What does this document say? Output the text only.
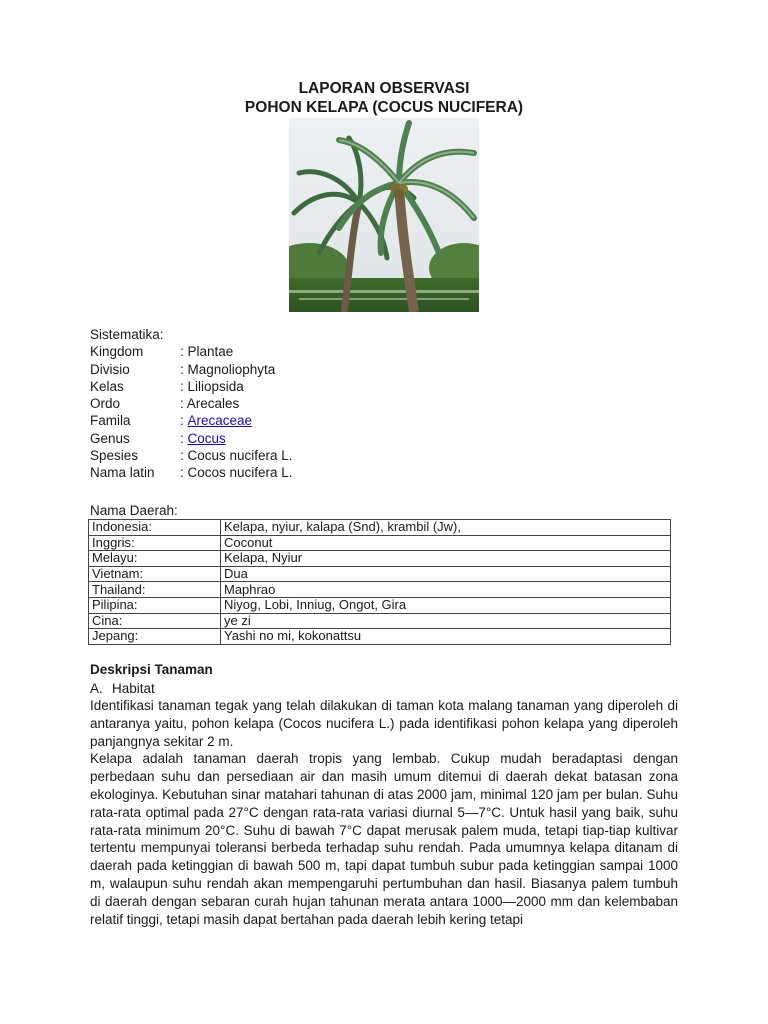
LAPORAN OBSERVASI
POHON KELAPA (COCUS NUCIFERA)
Sistematika:
Kingdom	: Plantae
Divisio	: Magnoliophyta
Kelas	: Liliopsida
Ordo	: Arecales
Famila	: Arecaceae
Genus	: Cocus
Spesies	: Cocus nucifera L.
Nama latin	: Cocos nucifera L.
Nama Daerah:
Indonesia:	Kelapa, nyiur, kalapa (Snd), krambil (Jw),
Inggris:	Coconut
Melayu:	Kelapa, Nyiur
Vietnam:	Dua
Thailand:	Maphrao
Pilipina:	Niyog, Lobi, Inniug, Ongot, Gira
Cina:	ye zi
Jepang:	Yashi no mi, kokonattsu
Deskripsi Tanaman
A. Habitat

Identifikasi tanaman tegak yang telah dilakukan di taman kota malang tanaman yang diperoleh di antaranya yaitu, pohon kelapa (Cocos nucifera L.) pada identifikasi pohon kelapa yang diperoleh panjangnya sekitar 2 m.

Kelapa adalah tanaman daerah tropis yang lembab. Cukup mudah beradaptasi dengan perbedaan suhu dan persediaan air dan masih umum ditemui di daerah dekat batasan zona ekologinya. Kebutuhan sinar matahari tahunan di atas 2000 jam, minimal 120 jam per bulan. Suhu rata-rata optimal pada 27°C dengan rata-rata variasi diurnal 5—7°C. Untuk hasil yang baik, suhu rata-rata minimum 20°C. Suhu di bawah 7°C dapat merusak palem muda, tetapi tiap-tiap kultivar tertentu mempunyai toleransi berbeda terhadap suhu rendah. Pada umumnya kelapa ditanam di daerah pada ketinggian di bawah 500 m, tapi dapat tumbuh subur pada ketinggian sampai 1000 m, walaupun suhu rendah akan mempengaruhi pertumbuhan dan hasil. Biasanya palem tumbuh di daerah dengan sebaran curah hujan tahunan merata antara 1000—2000 mm dan kelembaban relatif tinggi, tetapi masih dapat bertahan pada daerah lebih kering tetapi
